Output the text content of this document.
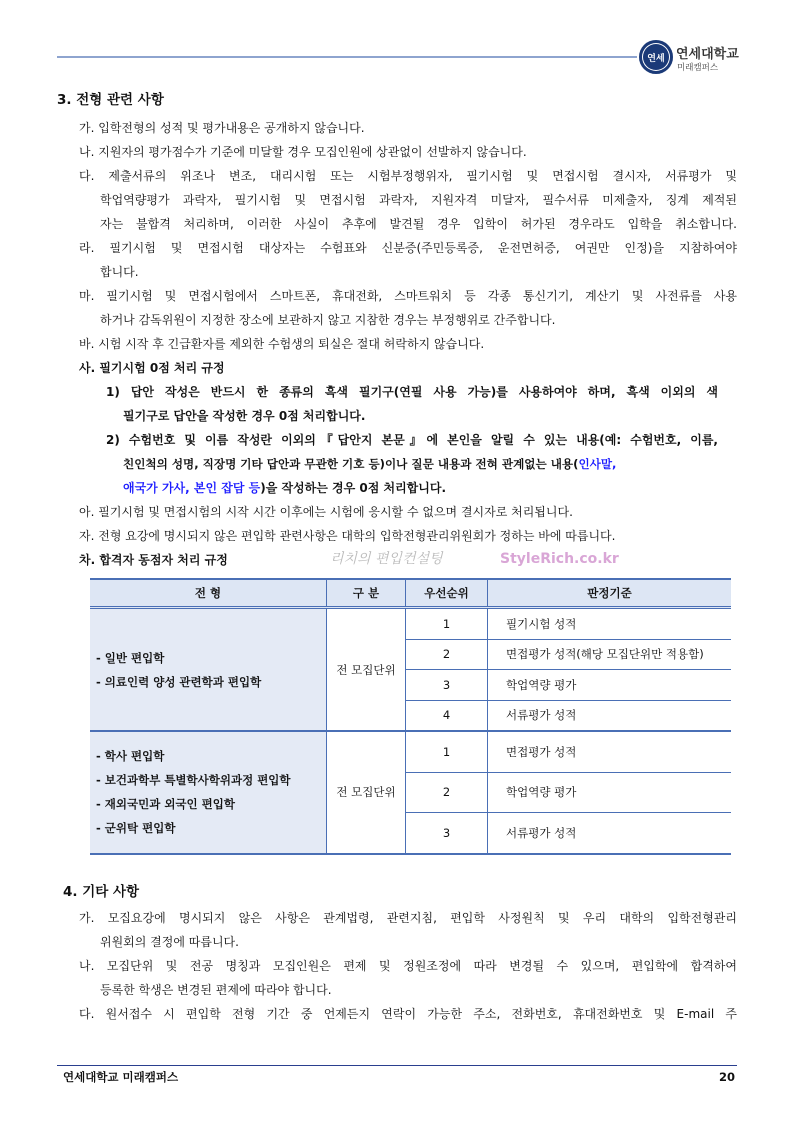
연세 연세대학교
미래캠퍼스
3. 전형 관련 사항
가. 입학전형의 성적 및 평가내용은 공개하지 않습니다.
나. 지원자의 평가점수가 기준에 미달할 경우 모집인원에 상관없이 선발하지 않습니다.
다. 제출서류의 위조나 변조, 대리시험 또는 시험부정행위자, 필기시험 및 면접시험 결시자, 서류평가 및
학업역량평가 과락자, 필기시험 및 면접시험 과락자, 지원자격 미달자, 필수서류 미제출자, 징계 제적된
자는 불합격 처리하며, 이러한 사실이 추후에 발견될 경우 입학이 허가된 경우라도 입학을 취소합니다.
라. 필기시험 및 면접시험 대상자는 수험표와 신분증(주민등록증, 운전면허증, 여권만 인정)을 지참하여야
합니다.
마. 필기시험 및 면접시험에서 스마트폰, 휴대전화, 스마트워치 등 각종 통신기기, 계산기 및 사전류를 사용
하거나 감독위원이 지정한 장소에 보관하지 않고 지참한 경우는 부정행위로 간주합니다.
바. 시험 시작 후 긴급환자를 제외한 수험생의 퇴실은 절대 허락하지 않습니다.
사. 필기시험 0점 처리 규정
1) 답안 작성은 반드시 한 종류의 흑색 필기구(연필 사용 가능)를 사용하여야 하며, 흑색 이외의 색
필기구로 답안을 작성한 경우 0점 처리합니다.
2) 수험번호 및 이름 작성란 이외의『답안지 본문』에 본인을 알릴 수 있는 내용(예: 수험번호, 이름,
친인척의 성명, 직장명 기타 답안과 무관한 기호 등)이나 질문 내용과 전혀 관계없는 내용(인사말,
애국가 가사, 본인 잡담 등)을 작성하는 경우 0점 처리합니다.
아. 필기시험 및 면접시험의 시작 시간 이후에는 시험에 응시할 수 없으며 결시자로 처리됩니다.
자. 전형 요강에 명시되지 않은 편입학 관련사항은 대학의 입학전형관리위원회가 정하는 바에 따릅니다.
차. 합격자 동점자 처리 규정	리치의 편입컨설팅	StyleRich.co.kr
전 형	구 분	우선순위	판정기준

- 일반 편입학
- 의료인력 양성 관련학과 편입학	전 모집단위	1	필기시험 성적
		2	면접평가 성적(해당 모집단위만 적용함)
		3	학업역량 평가
		4	서류평가 성적

- 학사 편입학
- 보건과학부 특별학사학위과정 편입학
- 재외국민과 외국인 편입학
- 군위탁 편입학	전 모집단위	1	면접평가 성적
		2	학업역량 평가
		3	서류평가 성적
4. 기타 사항
가. 모집요강에 명시되지 않은 사항은 관계법령, 관련지침, 편입학 사정원칙 및 우리 대학의 입학전형관리
위원회의 결정에 따릅니다.
나. 모집단위 및 전공 명칭과 모집인원은 편제 및 정원조정에 따라 변경될 수 있으며, 편입학에 합격하여
등록한 학생은 변경된 편제에 따라야 합니다.
다. 원서접수 시 편입학 전형 기간 중 언제든지 연락이 가능한 주소, 전화번호, 휴대전화번호 및 E-mail 주
연세대학교 미래캠퍼스	20
